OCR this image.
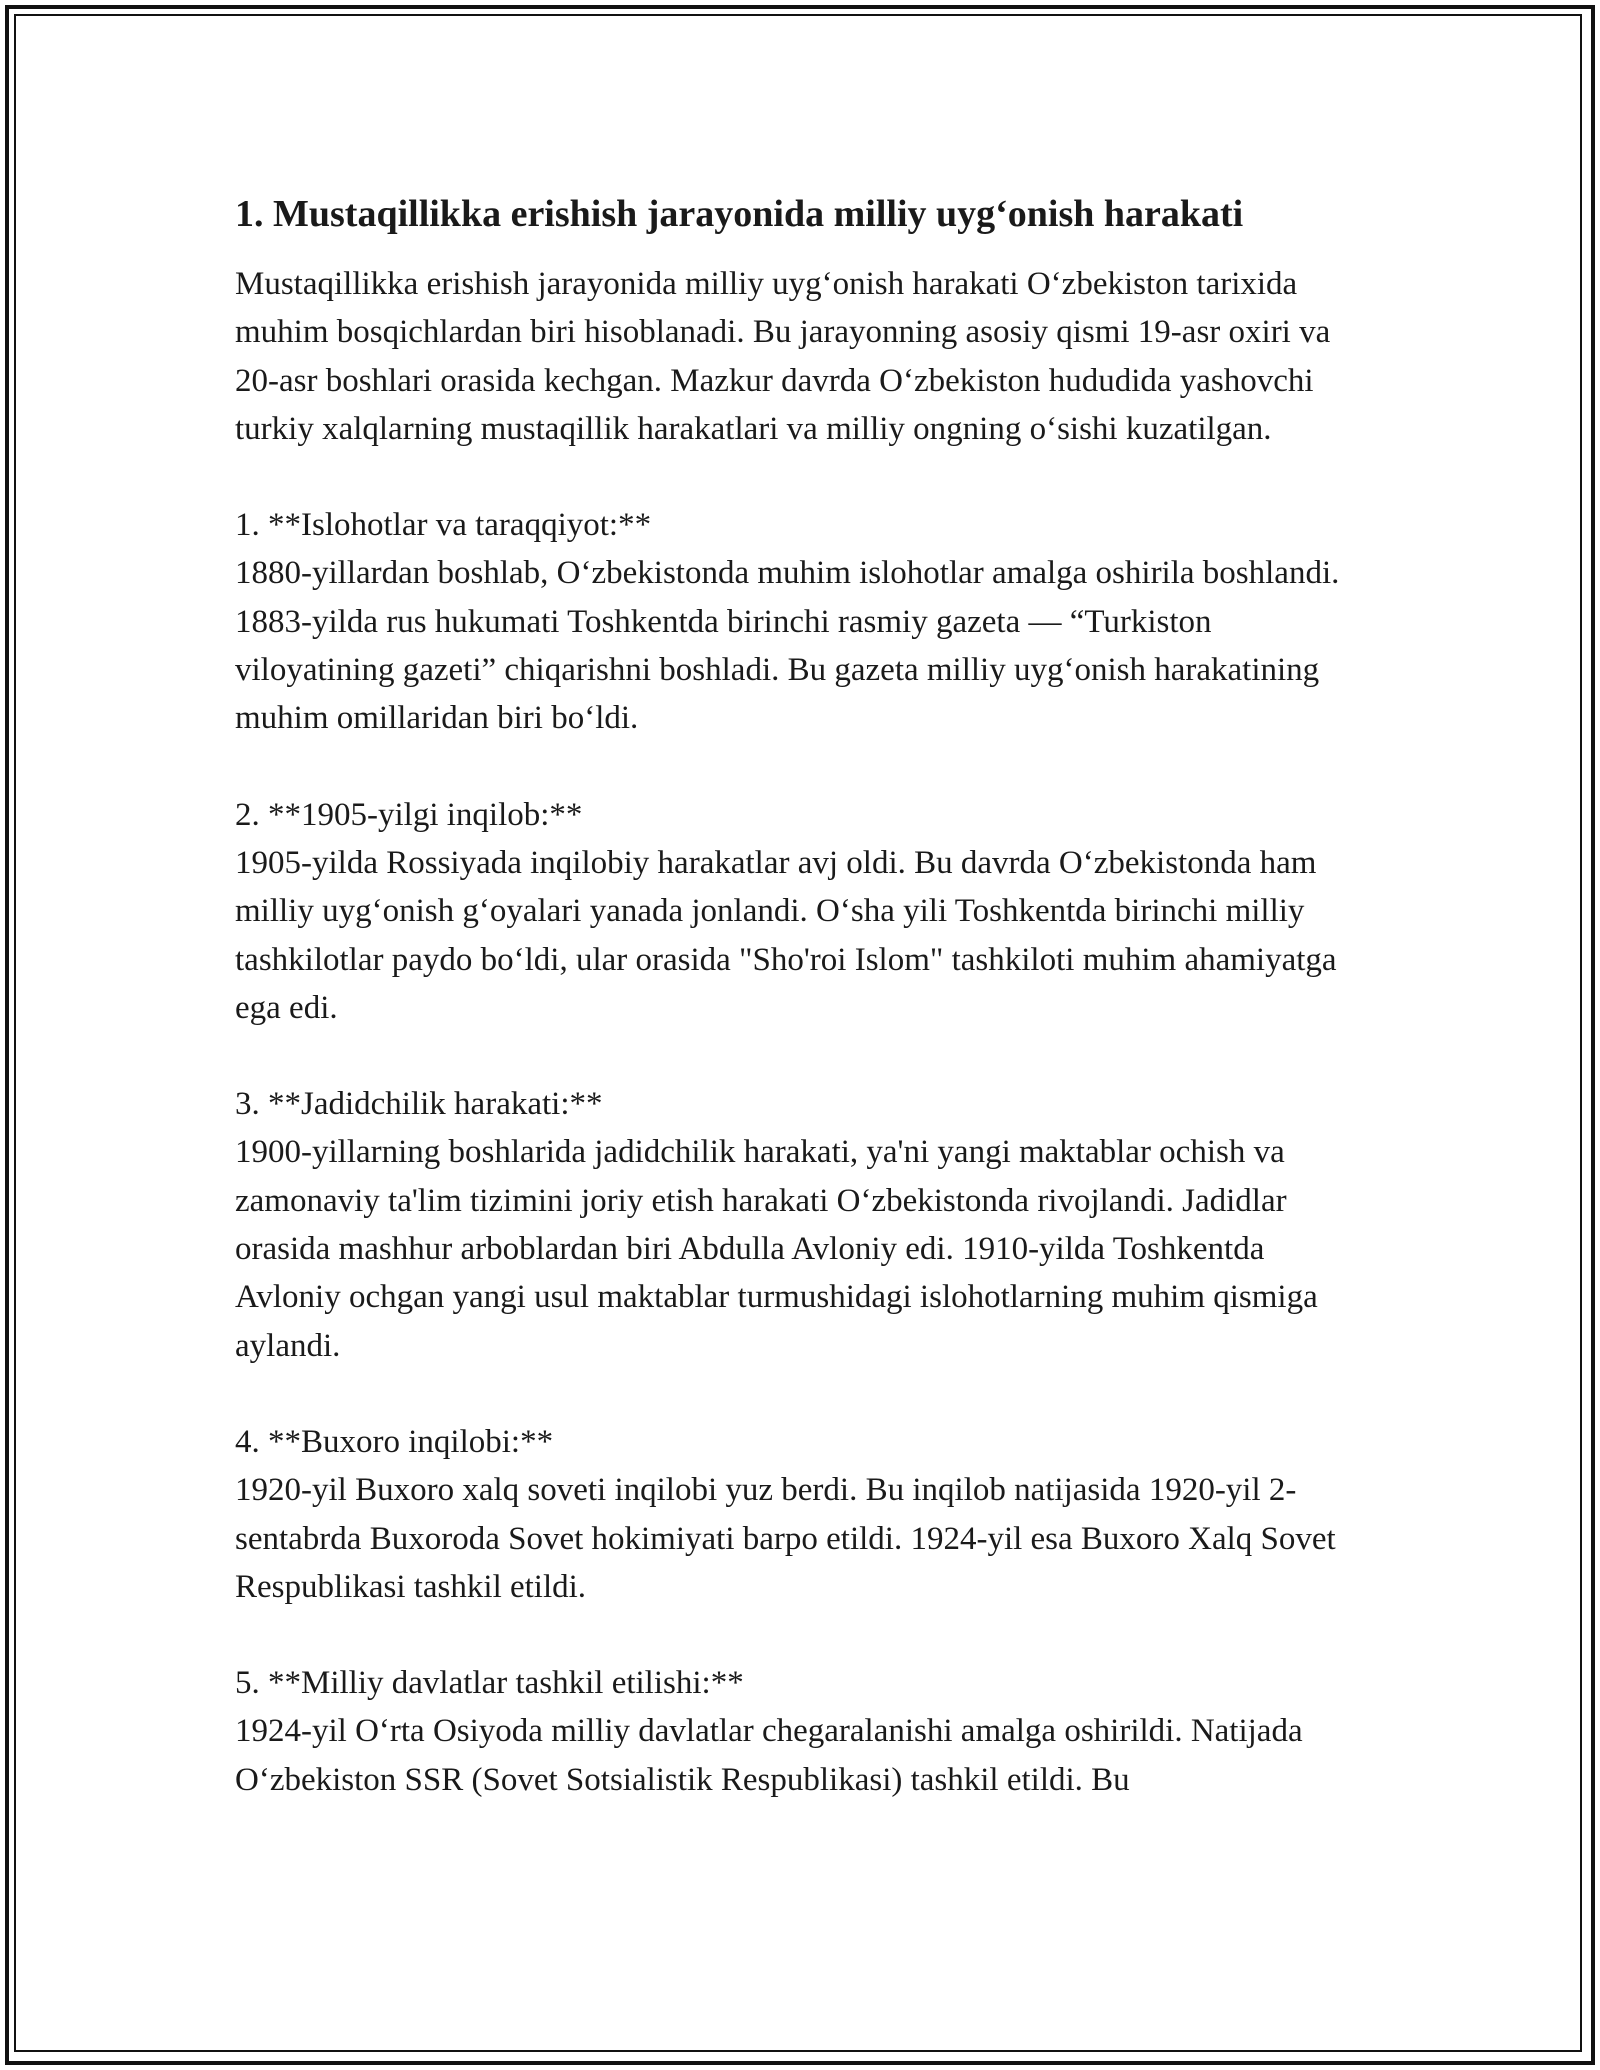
1. Mustaqillikka erishish jarayonida milliy uyg‘onish harakati

Mustaqillikka erishish jarayonida milliy uyg‘onish harakati O‘zbekiston tarixida muhim bosqichlardan biri hisoblanadi. Bu jarayonning asosiy qismi 19-asr oxiri va 20-asr boshlari orasida kechgan. Mazkur davrda O‘zbekiston hududida yashovchi turkiy xalqlarning mustaqillik harakatlari va milliy ongning o‘sishi kuzatilgan.

1. **Islohotlar va taraqqiyot:**
1880-yillardan boshlab, O‘zbekistonda muhim islohotlar amalga oshirila boshlandi. 1883-yilda rus hukumati Toshkentda birinchi rasmiy gazeta — “Turkiston viloyatining gazeti” chiqarishni boshladi. Bu gazeta milliy uyg‘onish harakatining muhim omillaridan biri bo‘ldi.

2. **1905-yilgi inqilob:**
1905-yilda Rossiyada inqilobiy harakatlar avj oldi. Bu davrda O‘zbekistonda ham milliy uyg‘onish g‘oyalari yanada jonlandi. O‘sha yili Toshkentda birinchi milliy tashkilotlar paydo bo‘ldi, ular orasida "Sho'roi Islom" tashkiloti muhim ahamiyatga ega edi.

3. **Jadidchilik harakati:**
1900-yillarning boshlarida jadidchilik harakati, ya'ni yangi maktablar ochish va zamonaviy ta'lim tizimini joriy etish harakati O‘zbekistonda rivojlandi. Jadidlar orasida mashhur arboblardan biri Abdulla Avloniy edi. 1910-yilda Toshkentda Avloniy ochgan yangi usul maktablar turmushidagi islohotlarning muhim qismiga aylandi.

4. **Buxoro inqilobi:**
1920-yil Buxoro xalq soveti inqilobi yuz berdi. Bu inqilob natijasida 1920-yil 2-sentabrda Buxoroda Sovet hokimiyati barpo etildi. 1924-yil esa Buxoro Xalq Sovet Respublikasi tashkil etildi.

5. **Milliy davlatlar tashkil etilishi:**
1924-yil O‘rta Osiyoda milliy davlatlar chegaralanishi amalga oshirildi. Natijada O‘zbekiston SSR (Sovet Sotsialistik Respublikasi) tashkil etildi. Bu
